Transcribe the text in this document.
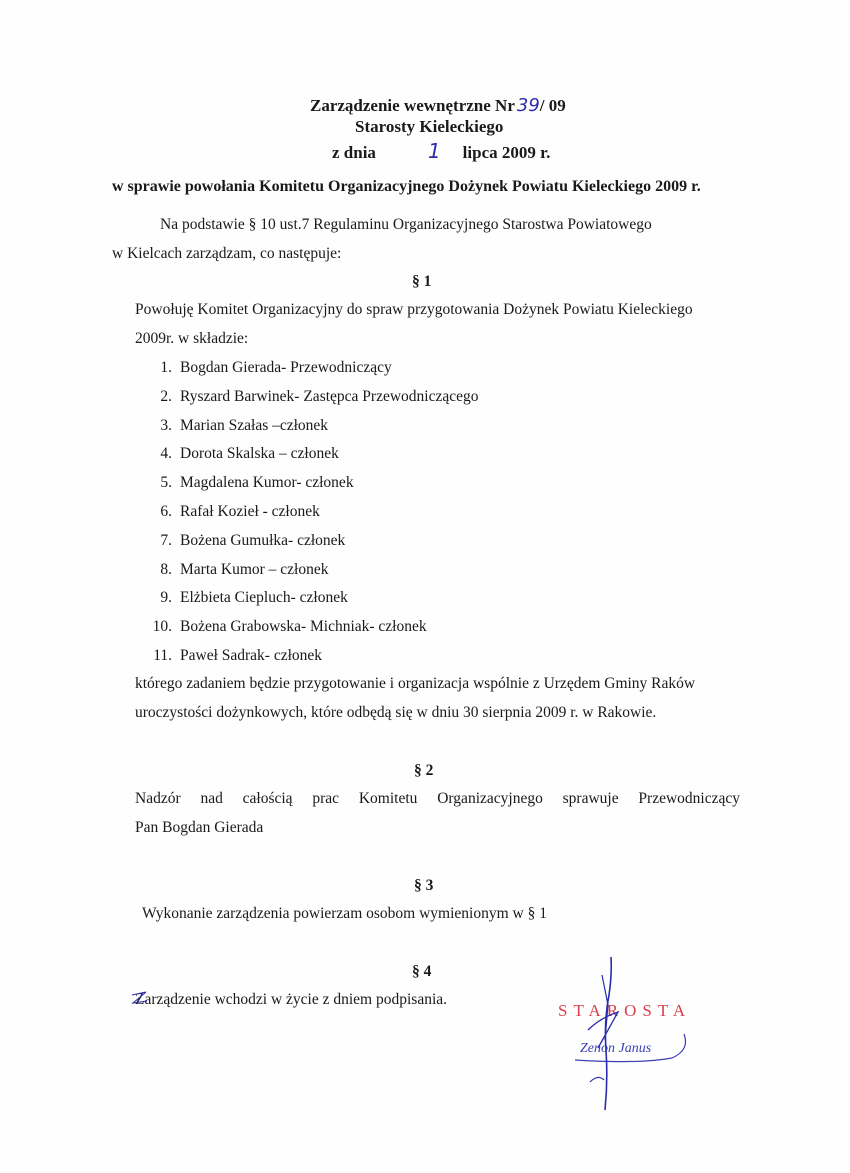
Zarządzenie wewnętrzne Nr 39/ 09
Starosty Kieleckiego
z dnia	1 lipca 2009 r.
w sprawie powołania Komitetu Organizacyjnego Dożynek Powiatu Kieleckiego 2009 r.
Na podstawie § 10 ust.7 Regulaminu Organizacyjnego Starostwa Powiatowego
w Kielcach zarządzam, co następuje:
§ 1
Powołuję Komitet Organizacyjny do spraw przygotowania Dożynek Powiatu Kieleckiego
2009r. w składzie:
1. Bogdan Gierada- Przewodniczący
2. Ryszard Barwinek- Zastępca Przewodniczącego
3. Marian Szałas –członek
4. Dorota Skalska – członek
5. Magdalena Kumor- członek
6. Rafał Kozieł - członek
7. Bożena Gumułka- członek
8. Marta Kumor – członek
9. Elżbieta Ciepluch- członek
10. Bożena Grabowska- Michniak- członek
11. Paweł Sadrak- członek
którego zadaniem będzie przygotowanie i organizacja wspólnie z Urzędem Gminy Raków
uroczystości dożynkowych, które odbędą się w dniu 30 sierpnia 2009 r. w Rakowie.
§ 2
Nadzór nad całością prac Komitetu Organizacyjnego sprawuje Przewodniczący
Pan Bogdan Gierada
§ 3
Wykonanie zarządzenia powierzam osobom wymienionym w § 1
§ 4
Zarządzenie wchodzi w życie z dniem podpisania.
STAROSTA
Zenon Janus
